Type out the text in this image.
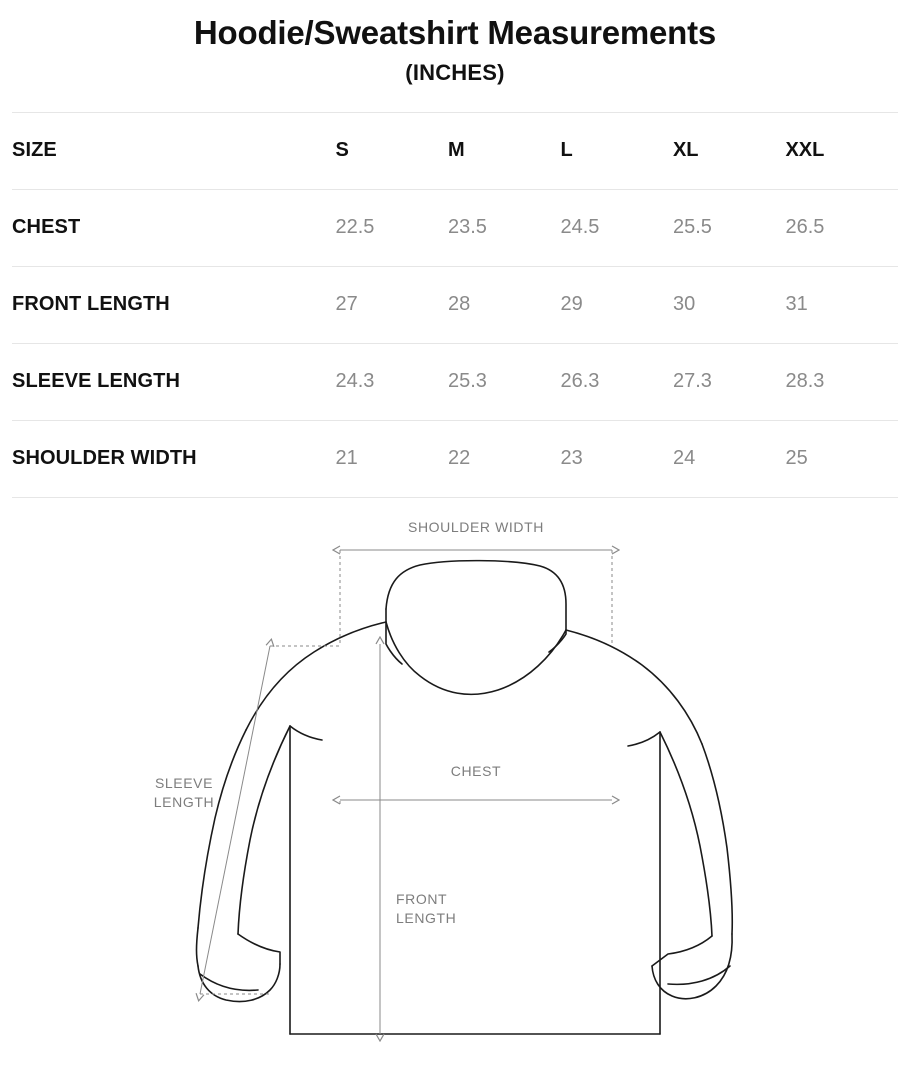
Hoodie/Sweatshirt Measurements
(INCHES)
SIZE	S	M	L	XL	XXL
CHEST	22.5	23.5	24.5	25.5	26.5
FRONT LENGTH	27	28	29	30	31
SLEEVE LENGTH	24.3	25.3	26.3	27.3	28.3
SHOULDER WIDTH	21	22	23	24	25
SHOULDER WIDTH
CHEST
SLEEVE
LENGTH
FRONT
LENGTH
